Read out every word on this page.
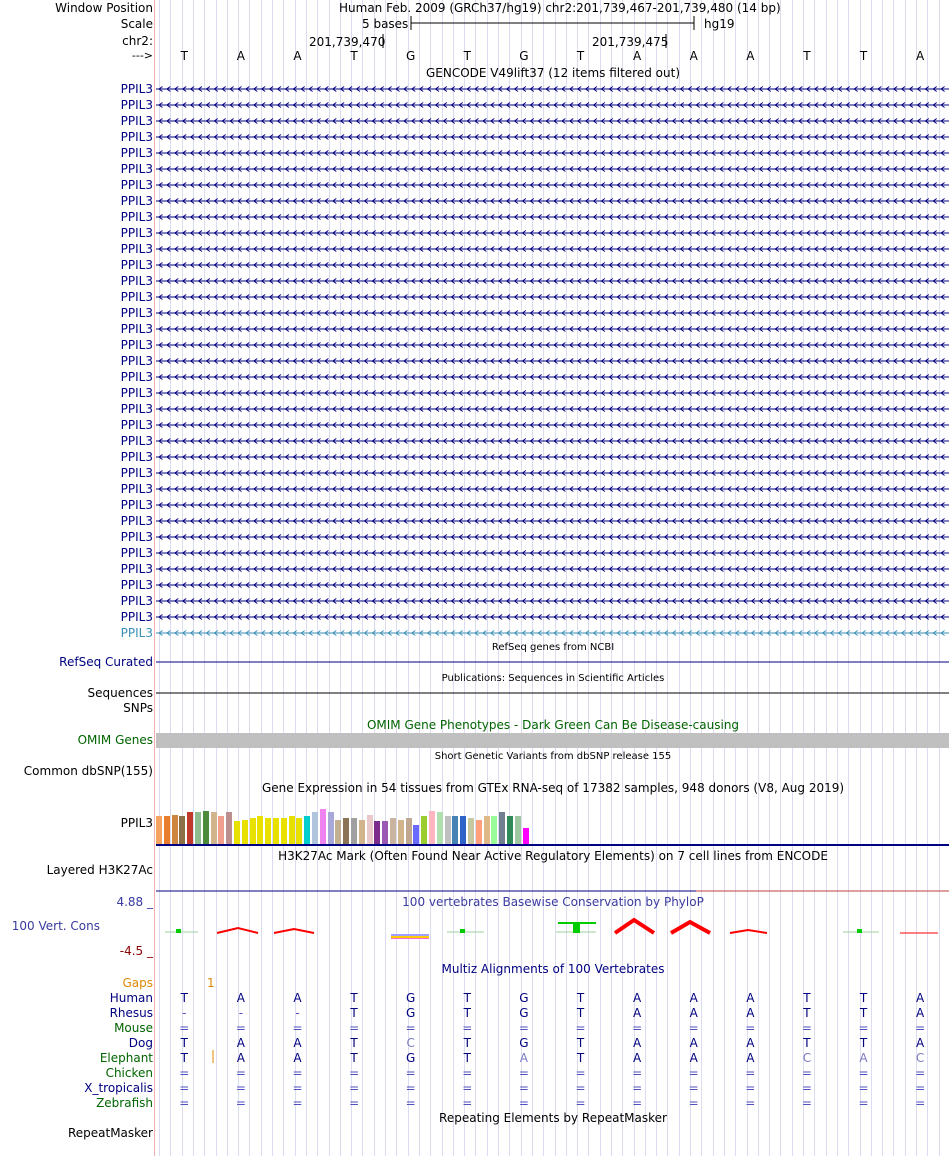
Window Position
Scale
chr2:
--->
Human Feb. 2009 (GRCh37/hg19) chr2:201,739,467-201,739,480 (14 bp)
5 bases	hg19
201,739,470	201,739,475
T	A	A	T	G	T	G	T	A	A	A	T	T	A
GENCODE V49lift37 (12 items filtered out)
PPIL3
PPIL3
PPIL3
PPIL3
PPIL3
PPIL3
PPIL3
PPIL3
PPIL3
PPIL3
PPIL3
PPIL3
PPIL3
PPIL3
PPIL3
PPIL3
PPIL3
PPIL3
PPIL3
PPIL3
PPIL3
PPIL3
PPIL3
PPIL3
PPIL3
PPIL3
PPIL3
PPIL3
PPIL3
PPIL3
PPIL3
PPIL3
PPIL3
PPIL3
PPIL3
RefSeq genes from NCBI
RefSeq Curated
Publications: Sequences in Scientific Articles
Sequences
SNPs
OMIM Gene Phenotypes - Dark Green Can Be Disease-causing
OMIM Genes
Short Genetic Variants from dbSNP release 155
Common dbSNP(155)
Gene Expression in 54 tissues from GTEx RNA-seq of 17382 samples, 948 donors (V8, Aug 2019)
PPIL3
H3K27Ac Mark (Often Found Near Active Regulatory Elements) on 7 cell lines from ENCODE
Layered H3K27Ac
100 vertebrates Basewise Conservation by PhyloP
4.88 _
100 Vert. Cons
-4.5 _
Multiz Alignments of 100 Vertebrates
Gaps	1
Human	T	A	A	T	G	T	G	T	A	A	A	T	T	A
Rhesus	-	-	-	T	G	T	G	T	A	A	A	T	T	A
Mouse	=	=	=	=	=	=	=	=	=	=	=	=	=	=
Dog	T	A	A	T	C	T	G	T	A	A	A	T	T	A
Elephant	T	A	A	T	G	T	A	T	A	A	A	C	A	C
Chicken	=	=	=	=	=	=	=	=	=	=	=	=	=	=
X_tropicalis	=	=	=	=	=	=	=	=	=	=	=	=	=	=
Zebrafish	=	=	=	=	=	=	=	=	=	=	=	=	=	=
Repeating Elements by RepeatMasker
RepeatMasker
